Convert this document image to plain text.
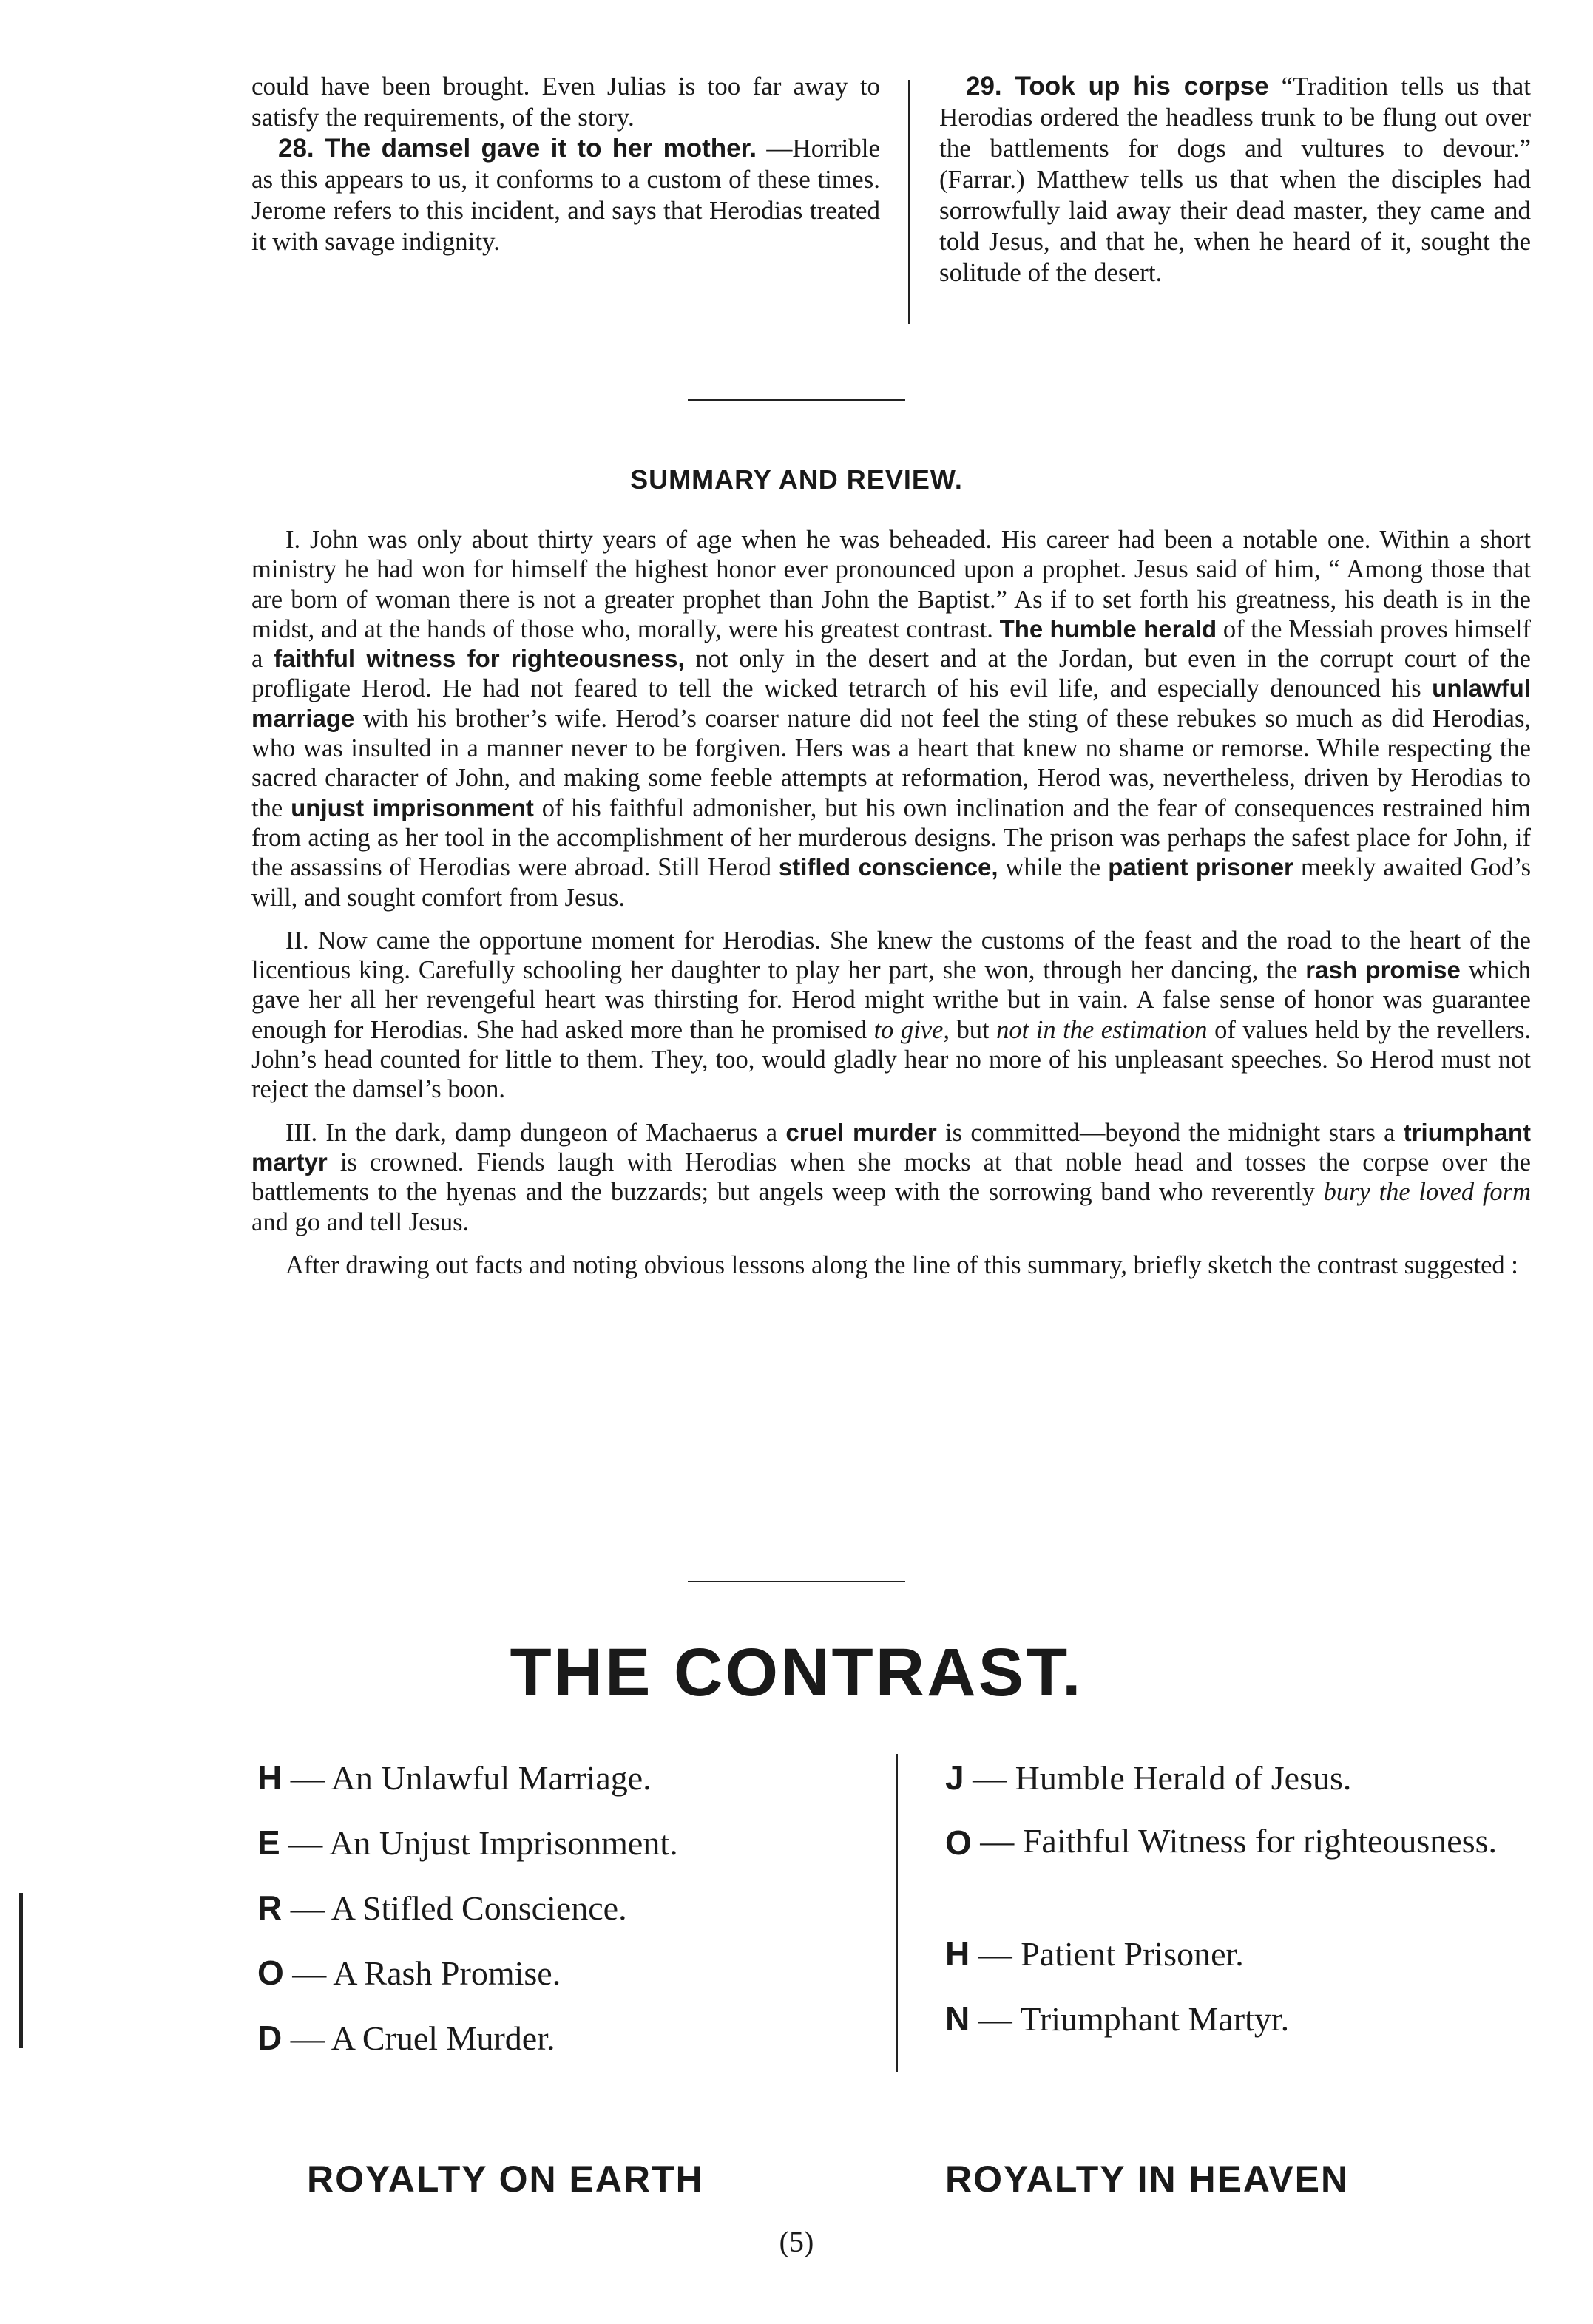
could have been brought. Even Julias is too far away to satisfy the requirements, of the story.

28. The damsel gave it to her mother. —Horrible as this appears to us, it conforms to a custom of these times. Jerome refers to this incident, and says that Herodias treated it with savage indignity.

29. Took up his corpse “Tradition tells us that Herodias ordered the headless trunk to be flung out over the battlements for dogs and vultures to devour.” (Farrar.) Matthew tells us that when the disciples had sorrowfully laid away their dead master, they came and told Jesus, and that he, when he heard of it, sought the solitude of the desert.

SUMMARY AND REVIEW.

I. John was only about thirty years of age when he was beheaded. His career had been a notable one. Within a short ministry he had won for himself the highest honor ever pronounced upon a prophet. Jesus said of him, “ Among those that are born of woman there is not a greater prophet than John the Baptist.” As if to set forth his greatness, his death is in the midst, and at the hands of those who, morally, were his greatest contrast. The humble herald of the Messiah proves himself a faithful witness for righteousness, not only in the desert and at the Jordan, but even in the corrupt court of the profligate Herod. He had not feared to tell the wicked tetrarch of his evil life, and especially denounced his unlawful marriage with his brother’s wife. Herod’s coarser nature did not feel the sting of these rebukes so much as did Herodias, who was insulted in a manner never to be forgiven. Hers was a heart that knew no shame or remorse. While respecting the sacred character of John, and making some feeble attempts at reformation, Herod was, nevertheless, driven by Herodias to the unjust imprisonment of his faithful admonisher, but his own inclination and the fear of consequences restrained him from acting as her tool in the accomplishment of her murderous designs. The prison was perhaps the safest place for John, if the assassins of Herodias were abroad. Still Herod stifled conscience, while the patient prisoner meekly awaited God’s will, and sought comfort from Jesus.

II. Now came the opportune moment for Herodias. She knew the customs of the feast and the road to the heart of the licentious king. Carefully schooling her daughter to play her part, she won, through her dancing, the rash promise which gave her all her revengeful heart was thirsting for. Herod might writhe but in vain. A false sense of honor was guarantee enough for Herodias. She had asked more than he promised to give, but not in the estimation of values held by the revellers. John’s head counted for little to them. They, too, would gladly hear no more of his unpleasant speeches. So Herod must not reject the damsel’s boon.

III. In the dark, damp dungeon of Machaerus a cruel murder is committed—beyond the midnight stars a triumphant martyr is crowned. Fiends laugh with Herodias when she mocks at that noble head and tosses the corpse over the battlements to the hyenas and the buzzards; but angels weep with the sorrowing band who reverently bury the loved form and go and tell Jesus.

After drawing out facts and noting obvious lessons along the line of this summary, briefly sketch the contrast suggested :

THE CONTRAST.
H — An Unlawful Marriage.
E — An Unjust Imprisonment.
R — A Stifled Conscience.
O — A Rash Promise.
D — A Cruel Murder.
J — Humble Herald of Jesus.
O — Faithful Witness for righteousness.
H — Patient Prisoner.
N — Triumphant Martyr.
ROYALTY ON EARTH	ROYALTY IN HEAVEN
(5)
